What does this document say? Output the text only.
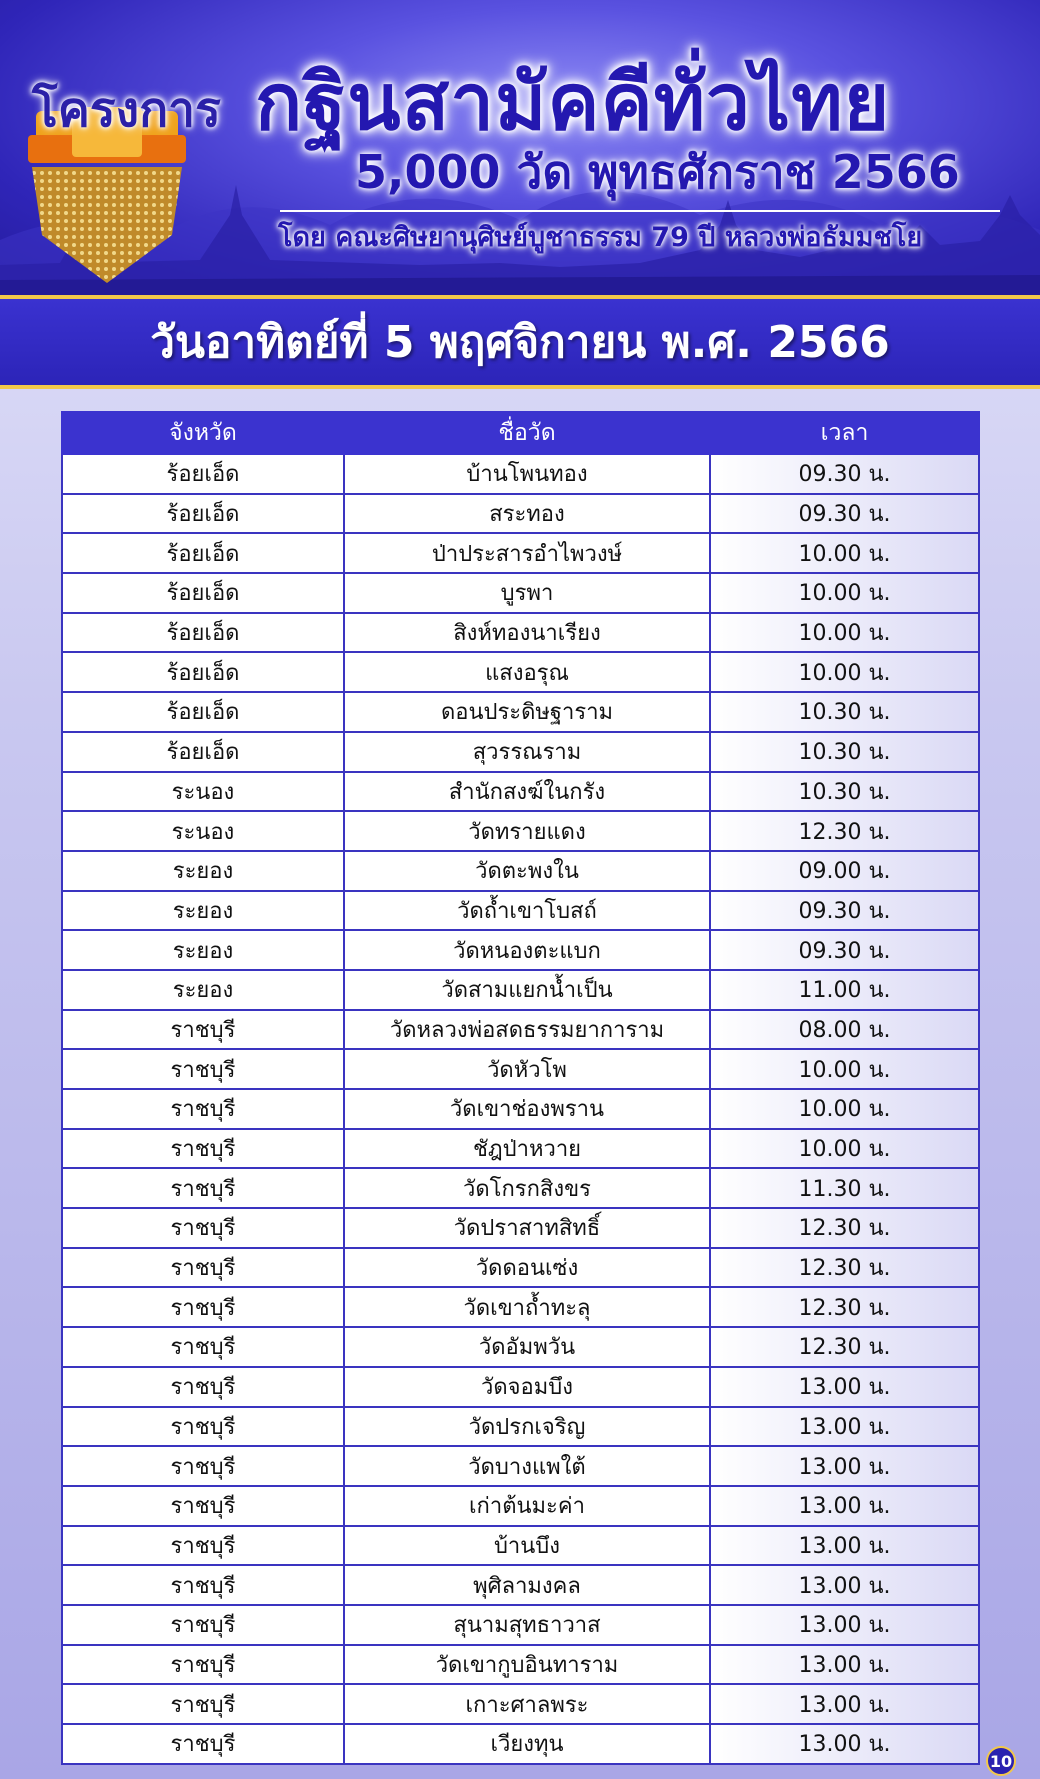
โครงการ กฐินสามัคคีทั่วไทย
5,000 วัด พุทธศักราช 2566
โดย คณะศิษยานุศิษย์บูชาธรรม 79 ปี หลวงพ่อธัมมชโย
วันอาทิตย์ที่ 5 พฤศจิกายน พ.ศ. 2566
จังหวัด	ชื่อวัด	เวลา
ร้อยเอ็ด	บ้านโพนทอง	09.30 น.
ร้อยเอ็ด	สระทอง	09.30 น.
ร้อยเอ็ด	ป่าประสารอำไพวงษ์	10.00 น.
ร้อยเอ็ด	บูรพา	10.00 น.
ร้อยเอ็ด	สิงห์ทองนาเรียง	10.00 น.
ร้อยเอ็ด	แสงอรุณ	10.00 น.
ร้อยเอ็ด	ดอนประดิษฐาราม	10.30 น.
ร้อยเอ็ด	สุวรรณราม	10.30 น.
ระนอง	สำนักสงฆ์ในกรัง	10.30 น.
ระนอง	วัดทรายแดง	12.30 น.
ระยอง	วัดตะพงใน	09.00 น.
ระยอง	วัดถ้ำเขาโบสถ์	09.30 น.
ระยอง	วัดหนองตะแบก	09.30 น.
ระยอง	วัดสามแยกน้ำเป็น	11.00 น.
ราชบุรี	วัดหลวงพ่อสดธรรมยาการาม	08.00 น.
ราชบุรี	วัดหัวโพ	10.00 น.
ราชบุรี	วัดเขาช่องพราน	10.00 น.
ราชบุรี	ชัฎป่าหวาย	10.00 น.
ราชบุรี	วัดโกรกสิงขร	11.30 น.
ราชบุรี	วัดปราสาทสิทธิ์	12.30 น.
ราชบุรี	วัดดอนเซ่ง	12.30 น.
ราชบุรี	วัดเขาถ้ำทะลุ	12.30 น.
ราชบุรี	วัดอัมพวัน	12.30 น.
ราชบุรี	วัดจอมบึง	13.00 น.
ราชบุรี	วัดปรกเจริญ	13.00 น.
ราชบุรี	วัดบางแพใต้	13.00 น.
ราชบุรี	เก่าต้นมะค่า	13.00 น.
ราชบุรี	บ้านบึง	13.00 น.
ราชบุรี	พุศิลามงคล	13.00 น.
ราชบุรี	สุนามสุทธาวาส	13.00 น.
ราชบุรี	วัดเขากูบอินทาราม	13.00 น.
ราชบุรี	เกาะศาลพระ	13.00 น.
ราชบุรี	เวียงทุน	13.00 น.
10
